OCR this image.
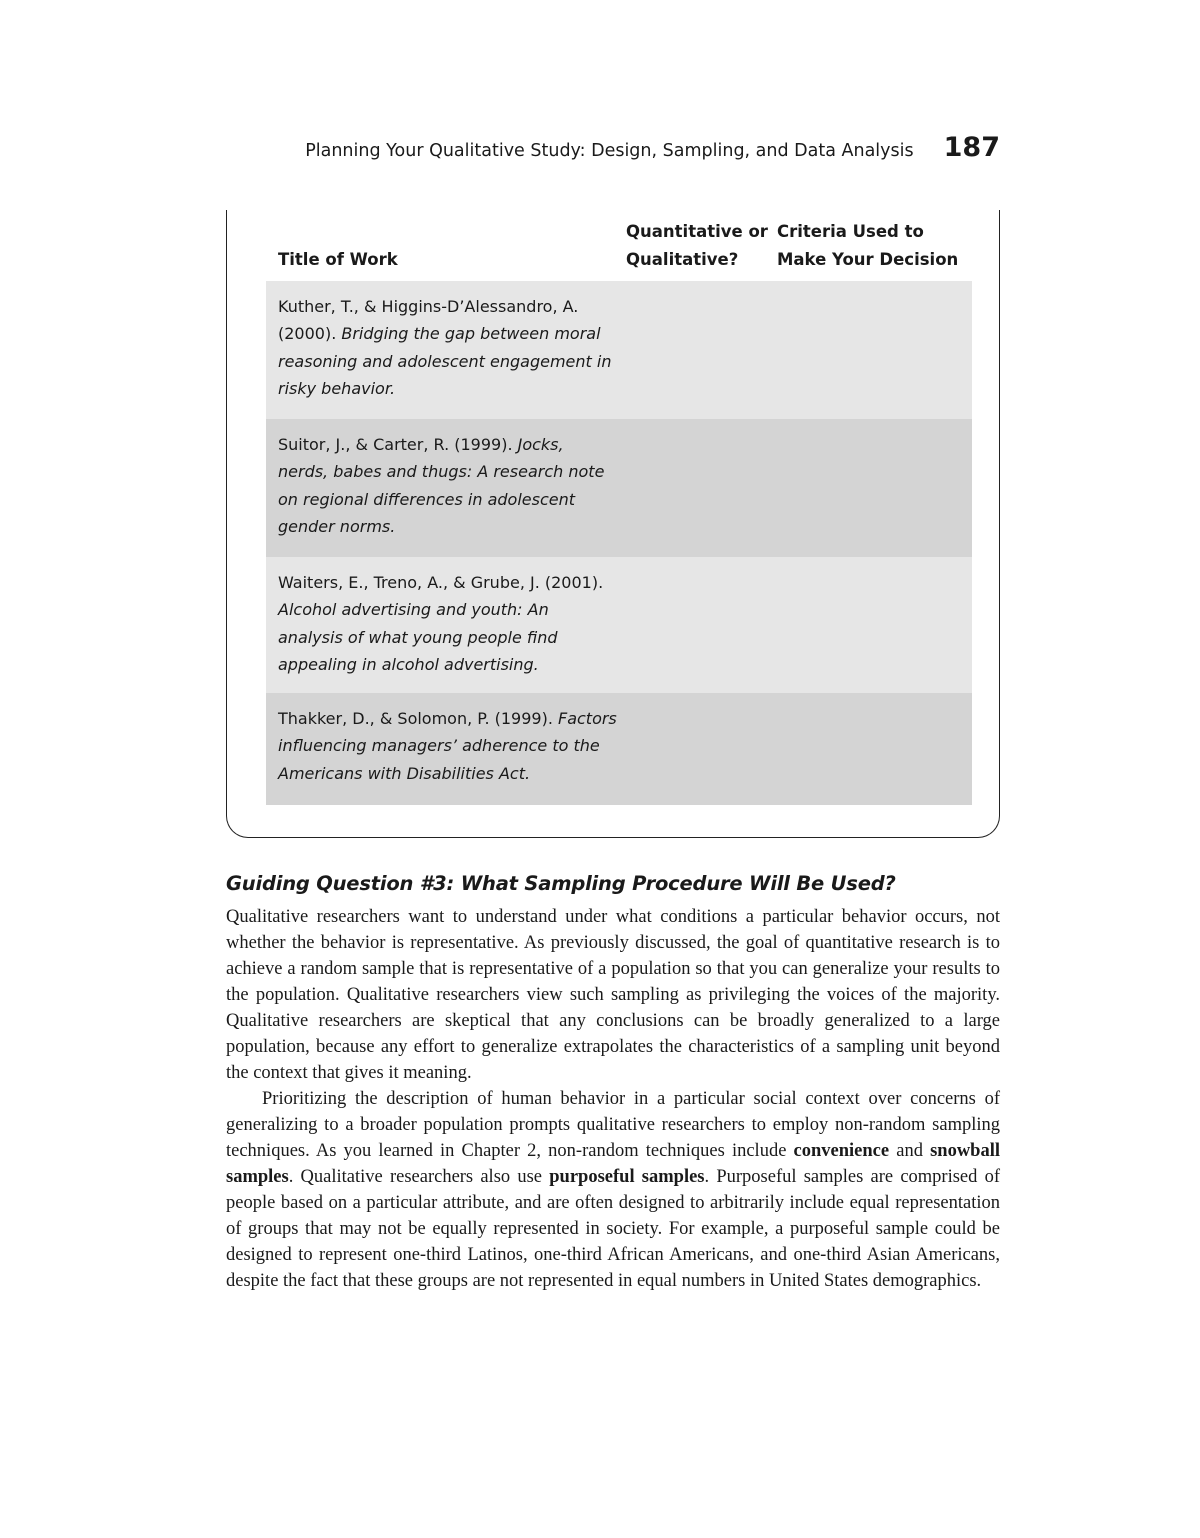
Planning Your Qualitative Study: Design, Sampling, and Data Analysis 187
Title of Work
Quantitative or
Qualitative?
Criteria Used to
Make Your Decision
Kuther, T., & Higgins-D’Alessandro, A. (2000). Bridging the gap between moral reasoning and adolescent engagement in risky behavior.
Suitor, J., & Carter, R. (1999). Jocks, nerds, babes and thugs: A research note on regional differences in adolescent gender norms.
Waiters, E., Treno, A., & Grube, J. (2001). Alcohol advertising and youth: An analysis of what young people find appealing in alcohol advertising.
Thakker, D., & Solomon, P. (1999). Factors influencing managers’ adherence to the Americans with Disabilities Act.
Guiding Question #3: What Sampling Procedure Will Be Used?

Qualitative researchers want to understand under what conditions a particular behavior occurs, not whether the behavior is representative. As previously discussed, the goal of quantitative research is to achieve a random sample that is representative of a population so that you can generalize your results to the population. Qualitative researchers view such sampling as privileging the voices of the majority. Qualitative researchers are skeptical that any conclusions can be broadly generalized to a large population, because any effort to generalize extrapolates the characteristics of a sampling unit beyond the context that gives it meaning.

Prioritizing the description of human behavior in a particular social context over concerns of generalizing to a broader population prompts qualitative researchers to employ non-random sampling techniques. As you learned in Chapter 2, non-random techniques include convenience and snowball samples. Qualitative researchers also use purposeful samples. Purposeful samples are comprised of people based on a particular attribute, and are often designed to arbitrarily include equal representation of groups that may not be equally represented in society. For example, a purposeful sample could be designed to represent one-third Latinos, one-third African Americans, and one-third Asian Americans, despite the fact that these groups are not represented in equal numbers in United States demographics.
